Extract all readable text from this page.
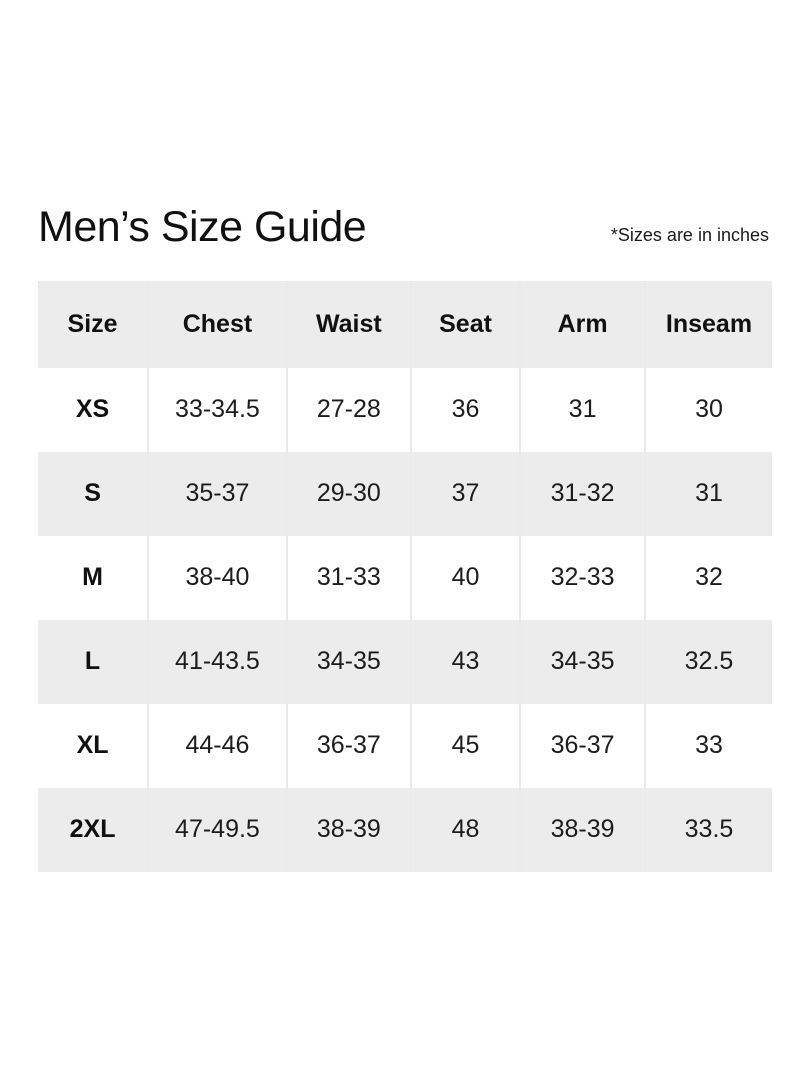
Men’s Size Guide	*Sizes are in inches
Size	Chest	Waist	Seat	Arm	Inseam
XS	33-34.5	27-28	36	31	30
S	35-37	29-30	37	31-32	31
M	38-40	31-33	40	32-33	32
L	41-43.5	34-35	43	34-35	32.5
XL	44-46	36-37	45	36-37	33
2XL	47-49.5	38-39	48	38-39	33.5
